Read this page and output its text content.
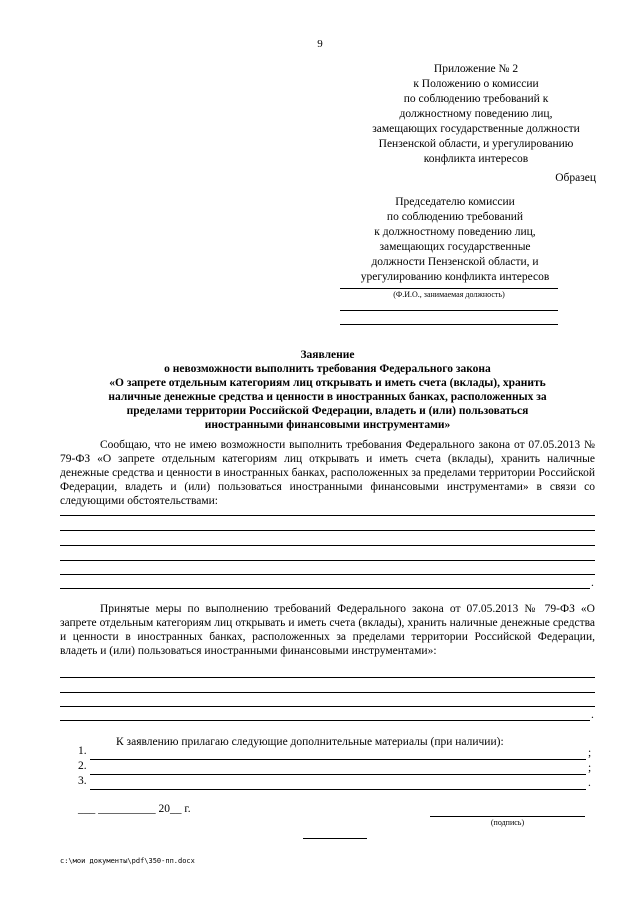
9
Приложение № 2
к Положению о комиссии
по соблюдению требований к
должностному поведению лиц,
замещающих государственные должности
Пензенской области, и урегулированию
конфликта интересов
Образец
Председателю комиссии
по соблюдению требований
к должностному поведению лиц,
замещающих государственные
должности Пензенской области, и
урегулированию конфликта интересов
(Ф.И.О., занимаемая должность)
Заявление
о невозможности выполнить требования Федерального закона
«О запрете отдельным категориям лиц открывать и иметь счета (вклады), хранить
наличные денежные средства и ценности в иностранных банках, расположенных за
пределами территории Российской Федерации, владеть и (или) пользоваться
иностранными финансовыми инструментами»
Сообщаю, что не имею возможности выполнить требования Федерального закона от 07.05.2013 № 79-ФЗ «О запрете отдельным категориям лиц открывать и иметь счета (вклады), хранить наличные денежные средства и ценности в иностранных банках, расположенных за пределами территории Российской Федерации, владеть и (или) пользоваться иностранными финансовыми инструментами» в связи со следующими обстоятельствами:
.
Принятые меры по выполнению требований Федерального закона от 07.05.2013 № 79-ФЗ «О запрете отдельным категориям лиц открывать и иметь счета (вклады), хранить наличные денежные средства и ценности в иностранных банках, расположенных за пределами территории Российской Федерации, владеть и (или) пользоваться иностранными финансовыми инструментами»:
.
К заявлению прилагаю следующие дополнительные материалы (при наличии):
1.	;
2.	;
3.	.
___ __________ 20__ г.
(подпись)
c:\мои документы\pdf\350-пп.docx
